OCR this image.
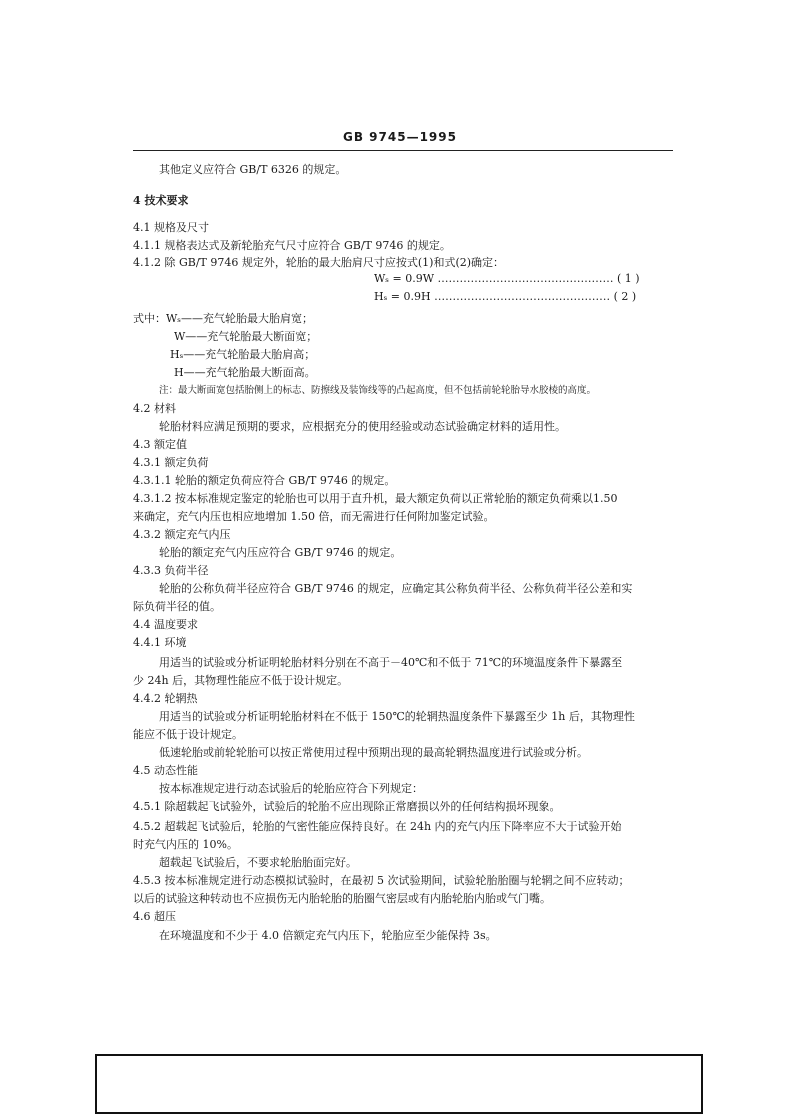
GB 9745—1995
其他定义应符合 GB/T 6326 的规定。
4 技术要求
4.1 规格及尺寸
4.1.1 规格表达式及新轮胎充气尺寸应符合 GB/T 9746 的规定。
4.1.2 除 GB/T 9746 规定外，轮胎的最大胎肩尺寸应按式(1)和式(2)确定：
Wₛ = 0.9W ………………………………………… ( 1 )
Hₛ = 0.9H ………………………………………… ( 2 )
式中：Wₛ——充气轮胎最大胎肩宽；
W——充气轮胎最大断面宽；
Hₛ——充气轮胎最大胎肩高；
H——充气轮胎最大断面高。
注：最大断面宽包括胎侧上的标志、防擦线及装饰线等的凸起高度，但不包括前轮轮胎导水胶棱的高度。
4.2 材料
轮胎材料应满足预期的要求，应根据充分的使用经验或动态试验确定材料的适用性。
4.3 额定值
4.3.1 额定负荷
4.3.1.1 轮胎的额定负荷应符合 GB/T 9746 的规定。
4.3.1.2 按本标准规定鉴定的轮胎也可以用于直升机，最大额定负荷以正常轮胎的额定负荷乘以1.50
来确定，充气内压也相应地增加 1.50 倍，而无需进行任何附加鉴定试验。
4.3.2 额定充气内压
轮胎的额定充气内压应符合 GB/T 9746 的规定。
4.3.3 负荷半径
轮胎的公称负荷半径应符合 GB/T 9746 的规定，应确定其公称负荷半径、公称负荷半径公差和实
际负荷半径的值。
4.4 温度要求
4.4.1 环境
用适当的试验或分析证明轮胎材料分别在不高于－40℃和不低于 71℃的环境温度条件下暴露至
少 24h 后，其物理性能应不低于设计规定。
4.4.2 轮辋热
用适当的试验或分析证明轮胎材料在不低于 150℃的轮辋热温度条件下暴露至少 1h 后，其物理性
能应不低于设计规定。
低速轮胎或前轮轮胎可以按正常使用过程中预期出现的最高轮辋热温度进行试验或分析。
4.5 动态性能
按本标准规定进行动态试验后的轮胎应符合下列规定：
4.5.1 除超载起飞试验外，试验后的轮胎不应出现除正常磨损以外的任何结构损坏现象。
4.5.2 超载起飞试验后，轮胎的气密性能应保持良好。在 24h 内的充气内压下降率应不大于试验开始
时充气内压的 10%。
超载起飞试验后，不要求轮胎胎面完好。
4.5.3 按本标准规定进行动态模拟试验时，在最初 5 次试验期间，试验轮胎胎圈与轮辋之间不应转动；
以后的试验这种转动也不应损伤无内胎轮胎的胎圈气密层或有内胎轮胎内胎或气门嘴。
4.6 超压
在环境温度和不少于 4.0 倍额定充气内压下，轮胎应至少能保持 3s。
